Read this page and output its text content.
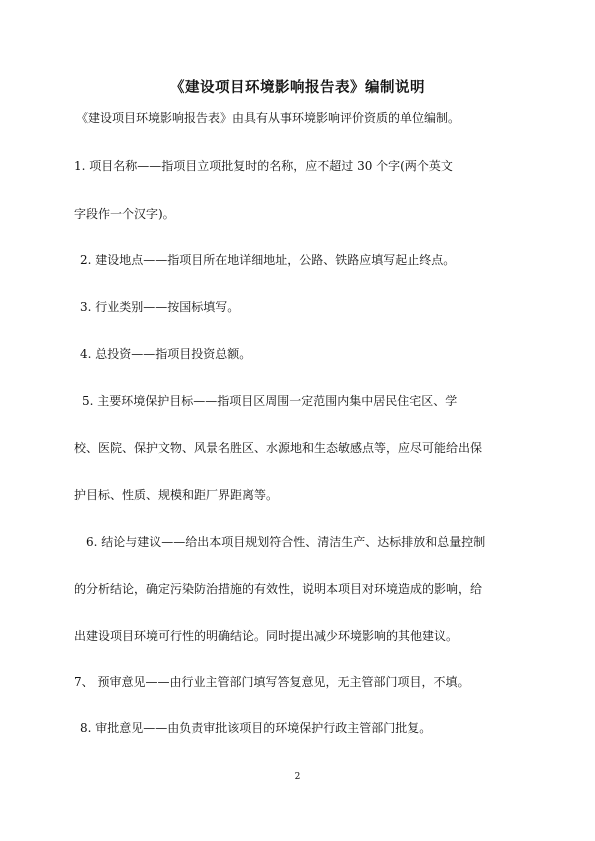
《建设项目环境影响报告表》编制说明
《建设项目环境影响报告表》由具有从事环境影响评价资质的单位编制。
1. 项目名称——指项目立项批复时的名称，应不超过 30 个字(两个英文
字段作一个汉字)。
2. 建设地点——指项目所在地详细地址，公路、铁路应填写起止终点。
3. 行业类别——按国标填写。
4. 总投资——指项目投资总额。
5. 主要环境保护目标——指项目区周围一定范围内集中居民住宅区、学
校、医院、保护文物、风景名胜区、水源地和生态敏感点等，应尽可能给出保
护目标、性质、规模和距厂界距离等。
6. 结论与建议——给出本项目规划符合性、清洁生产、达标排放和总量控制
的分析结论，确定污染防治措施的有效性，说明本项目对环境造成的影响，给
出建设项目环境可行性的明确结论。同时提出减少环境影响的其他建议。
7、 预审意见——由行业主管部门填写答复意见，无主管部门项目，不填。
8. 审批意见——由负责审批该项目的环境保护行政主管部门批复。
2
